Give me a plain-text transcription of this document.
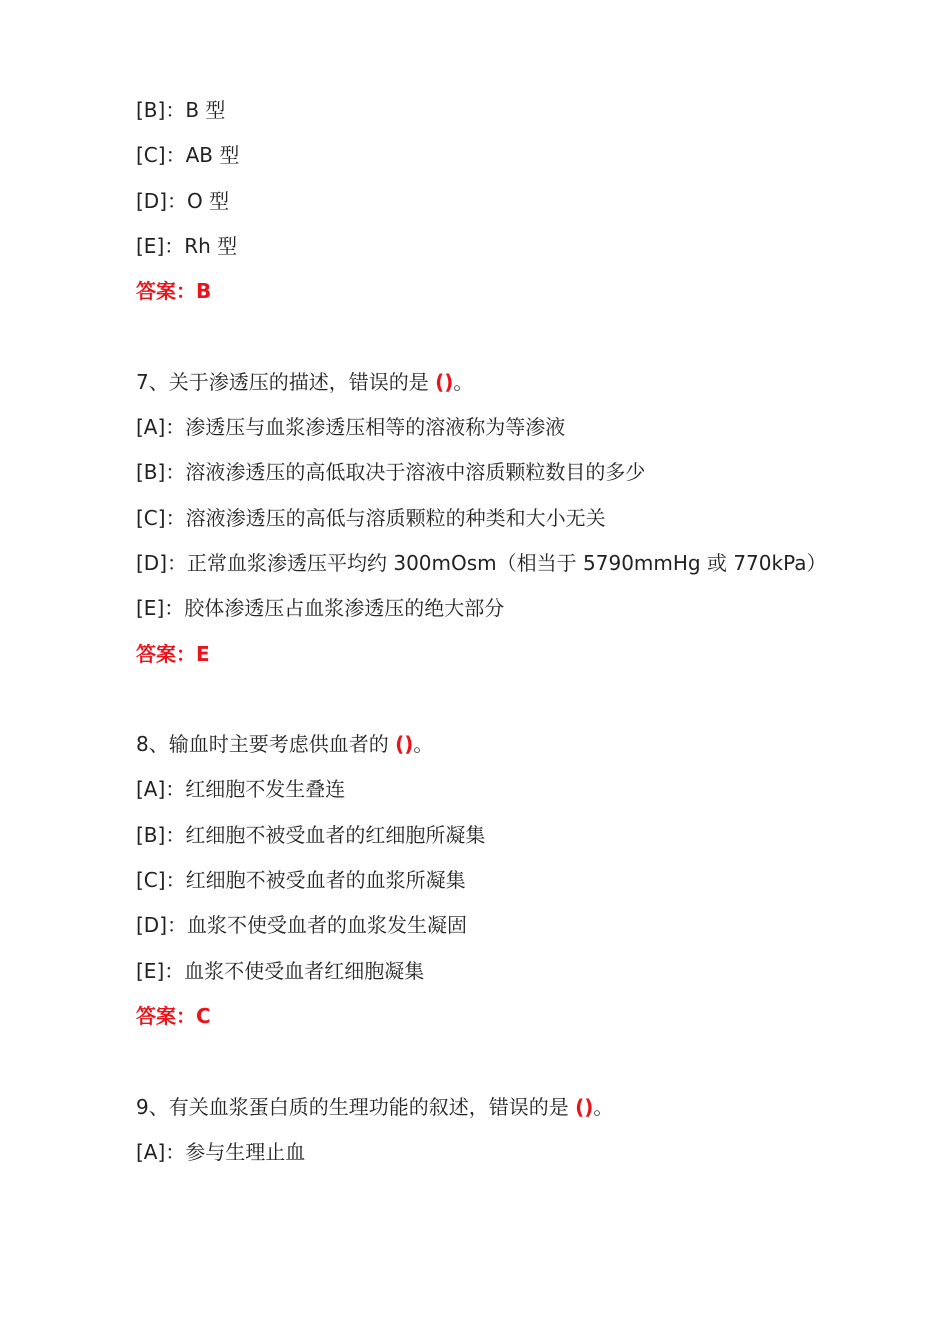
[B]：B 型
[C]：AB 型
[D]：O 型
[E]：Rh 型
答案：B
7、关于渗透压的描述，错误的是 ()。
[A]：渗透压与血浆渗透压相等的溶液称为等渗液
[B]：溶液渗透压的高低取决于溶液中溶质颗粒数目的多少
[C]：溶液渗透压的高低与溶质颗粒的种类和大小无关
[D]：正常血浆渗透压平均约 300mOsm（相当于 5790mmHg 或 770kPa）
[E]：胶体渗透压占血浆渗透压的绝大部分
答案：E
8、输血时主要考虑供血者的 ()。
[A]：红细胞不发生叠连
[B]：红细胞不被受血者的红细胞所凝集
[C]：红细胞不被受血者的血浆所凝集
[D]：血浆不使受血者的血浆发生凝固
[E]：血浆不使受血者红细胞凝集
答案：C
9、有关血浆蛋白质的生理功能的叙述，错误的是 ()。
[A]：参与生理止血
